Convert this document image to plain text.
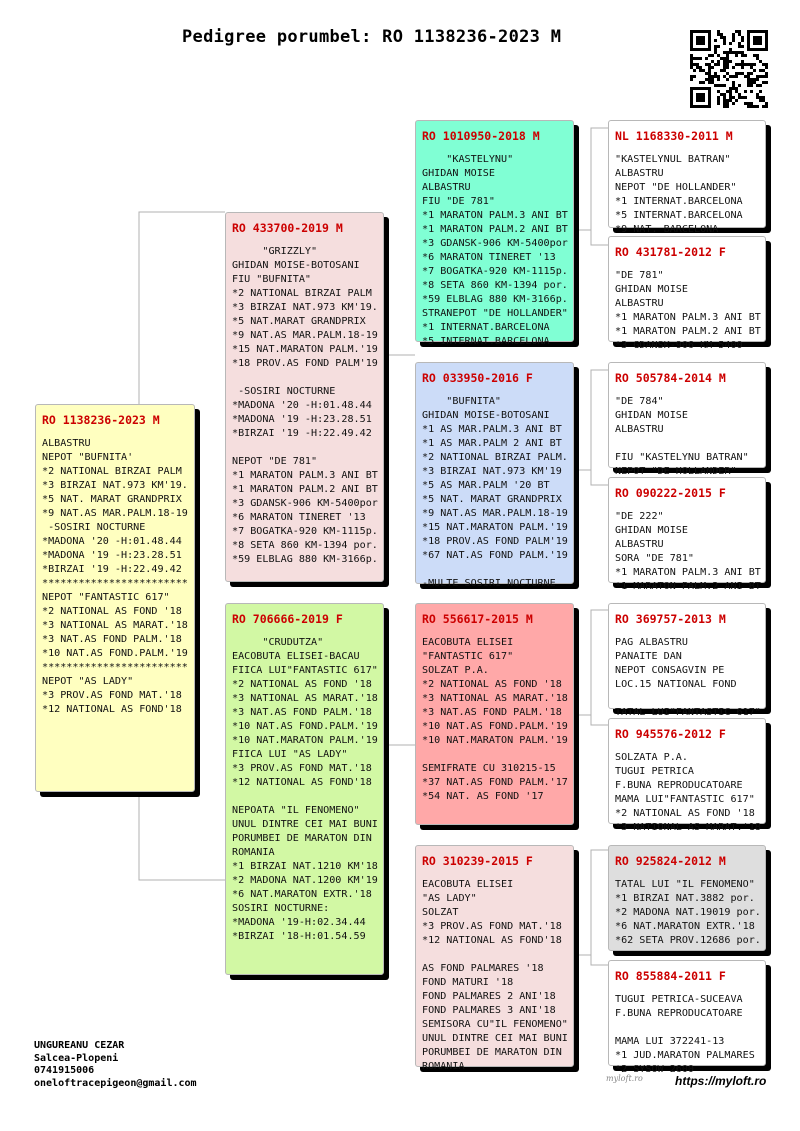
Pedigree porumbel: RO 1138236-2023 M
RO 1138236-2023 M
ALBASTRU
NEPOT "BUFNITA'
*2 NATIONAL BIRZAI PALM
*3 BIRZAI NAT.973 KM'19.
*5 NAT. MARAT GRANDPRIX
*9 NAT.AS MAR.PALM.18-19
-SOSIRI NOCTURNE
*MADONA '20 -H:01.48.44
*MADONA '19 -H:23.28.51
*BIRZAI '19 -H:22.49.42
************************
NEPOT "FANTASTIC 617"
*2 NATIONAL AS FOND '18
*3 NATIONAL AS MARAT.'18
*3 NAT.AS FOND PALM.'18
*10 NAT.AS FOND.PALM.'19
************************
NEPOT "AS LADY"
*3 PROV.AS FOND MAT.'18
*12 NATIONAL AS FOND'18
RO 433700-2019 M
"GRIZZLY"
GHIDAN MOISE-BOTOSANI
FIU "BUFNITA"
*2 NATIONAL BIRZAI PALM
*3 BIRZAI NAT.973 KM'19.
*5 NAT.MARAT GRANDPRIX
*9 NAT.AS MAR.PALM.18-19
*15 NAT.MARATON PALM.'19
*18 PROV.AS FOND PALM'19

-SOSIRI NOCTURNE
*MADONA '20 -H:01.48.44
*MADONA '19 -H:23.28.51
*BIRZAI '19 -H:22.49.42

NEPOT "DE 781"
*1 MARATON PALM.3 ANI BT
*1 MARATON PALM.2 ANI BT
*3 GDANSK-906 KM-5400por
*6 MARATON TINERET '13
*7 BOGATKA-920 KM-1115p.
*8 SETA 860 KM-1394 por.
*59 ELBLAG 880 KM-3166p.
RO 706666-2019 F
"CRUDUTZA"
EACOBUTA ELISEI-BACAU
FIICA LUI"FANTASTIC 617"
*2 NATIONAL AS FOND '18
*3 NATIONAL AS MARAT.'18
*3 NAT.AS FOND PALM.'18
*10 NAT.AS FOND.PALM.'19
*10 NAT.MARATON PALM.'19
FIICA LUI "AS LADY"
*3 PROV.AS FOND MAT.'18
*12 NATIONAL AS FOND'18

NEPOATA "IL FENOMENO"
UNUL DINTRE CEI MAI BUNI
PORUMBEI DE MARATON DIN
ROMANIA
*1 BIRZAI NAT.1210 KM'18
*2 MADONA NAT.1200 KM'19
*6 NAT.MARATON EXTR.'18
SOSIRI NOCTURNE:
*MADONA '19-H:02.34.44
*BIRZAI '18-H:01.54.59
RO 1010950-2018 M
"KASTELYNU"
GHIDAN MOISE
ALBASTRU
FIU "DE 781"
*1 MARATON PALM.3 ANI BT
*1 MARATON PALM.2 ANI BT
*3 GDANSK-906 KM-5400por
*6 MARATON TINERET '13
*7 BOGATKA-920 KM-1115p.
*8 SETA 860 KM-1394 por.
*59 ELBLAG 880 KM-3166p.
STRANEPOT "DE HOLLANDER"
*1 INTERNAT.BARCELONA
*5 INTERNAT.BARCELONA
RO 033950-2016 F
"BUFNITA"
GHIDAN MOISE-BOTOSANI
*1 AS MAR.PALM.3 ANI BT
*1 AS MAR.PALM 2 ANI BT
*2 NATIONAL BIRZAI PALM.
*3 BIRZAI NAT.973 KM'19
*5 AS MAR.PALM '20 BT
*5 NAT. MARAT GRANDPRIX
*9 NAT.AS MAR.PALM.18-19
*15 NAT.MARATON PALM.'19
*18 PROV.AS FOND PALM'19
*67 NAT.AS FOND PALM.'19

-MULTE SOSIRI NOCTURNE
RO 556617-2015 M
EACOBUTA ELISEI
"FANTASTIC 617"
SOLZAT P.A.
*2 NATIONAL AS FOND '18
*3 NATIONAL AS MARAT.'18
*3 NAT.AS FOND PALM.'18
*10 NAT.AS FOND.PALM.'19
*10 NAT.MARATON PALM.'19

SEMIFRATE CU 310215-15
*37 NAT.AS FOND PALM.'17
*54 NAT. AS FOND '17
RO 310239-2015 F
EACOBUTA ELISEI
"AS LADY"
SOLZAT
*3 PROV.AS FOND MAT.'18
*12 NATIONAL AS FOND'18

AS FOND PALMARES '18
FOND MATURI '18
FOND PALMARES 2 ANI'18
FOND PALMARES 3 ANI'18
SEMISORA CU"IL FENOMENO"
UNUL DINTRE CEI MAI BUNI
PORUMBEI DE MARATON DIN
ROMANIA
NL 1168330-2011 M
"KASTELYNUL BATRAN"
ALBASTRU
NEPOT "DE HOLLANDER"
*1 INTERNAT.BARCELONA
*5 INTERNAT.BARCELONA
*9 NAT. BARCELONA
RO 431781-2012 F
"DE 781"
GHIDAN MOISE
ALBASTRU
*1 MARATON PALM.3 ANI BT
*1 MARATON PALM.2 ANI BT
*3 GDANSK-906 KM-5400
RO 505784-2014 M
"DE 784"
GHIDAN MOISE
ALBASTRU

FIU "KASTELYNU BATRAN"
NEPOT "DE HOLLANDER"
RO 090222-2015 F
"DE 222"
GHIDAN MOISE
ALBASTRU
SORA "DE 781"
*1 MARATON PALM.3 ANI BT
*1 MARATON PALM.2 ANI BT
RO 369757-2013 M
PAG ALBASTRU
PANAITE DAN
NEPOT CONSAGVIN PE
LOC.15 NATIONAL FOND

TATAL LUI"FANTASTIC 617"
RO 945576-2012 F
SOLZATA P.A.
TUGUI PETRICA
F.BUNA REPRODUCATOARE
MAMA LUI"FANTASTIC 617"
*2 NATIONAL AS FOND '18
*3 NATIONAL AS MARAT.'18
RO 925824-2012 M
TATAL LUI "IL FENOMENO"
*1 BIRZAI NAT.3882 por.
*2 MADONA NAT.19019 por.
*6 NAT.MARATON EXTR.'18
*62 SETA PROV.12686 por.
RO 855884-2011 F
TUGUI PETRICA-SUCEAVA
F.BUNA REPRODUCATOARE

MAMA LUI 372241-13
*1 JUD.MARATON PALMARES
*2 SYSOW 2600
UNGUREANU CEZAR
Salcea-Plopeni
0741915006
oneloftracepigeon@gmail.com	myloft.ro	https://myloft.ro
